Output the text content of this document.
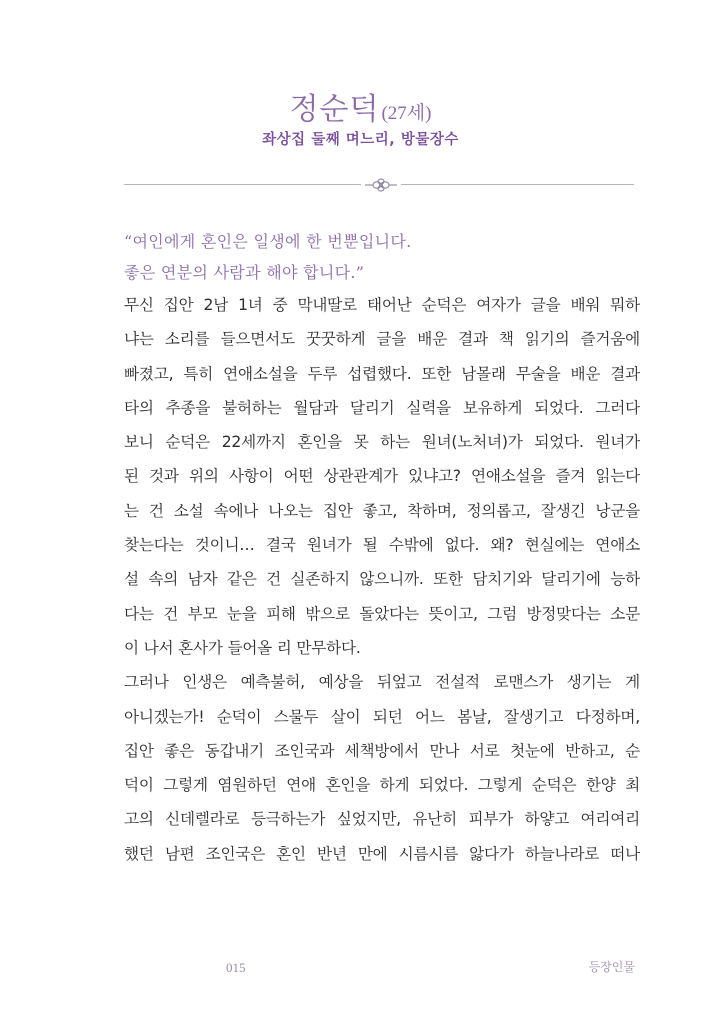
정순덕 (27세)
좌상집 둘째 며느리, 방물장수
“여인에게 혼인은 일생에 한 번뿐입니다.
좋은 연분의 사람과 해야 합니다.”
무신 집안 2남 1녀 중 막내딸로 태어난 순덕은 여자가 글을 배워 뭐하
냐는 소리를 들으면서도 꿋꿋하게 글을 배운 결과 책 읽기의 즐거움에
빠졌고, 특히 연애소설을 두루 섭렵했다. 또한 남몰래 무술을 배운 결과
타의 추종을 불허하는 월담과 달리기 실력을 보유하게 되었다. 그러다
보니 순덕은 22세까지 혼인을 못 하는 원녀(노처녀)가 되었다. 원녀가
된 것과 위의 사항이 어떤 상관관계가 있냐고? 연애소설을 즐겨 읽는다
는 건 소설 속에나 나오는 집안 좋고, 착하며, 정의롭고, 잘생긴 낭군을
찾는다는 것이니… 결국 원녀가 될 수밖에 없다. 왜? 현실에는 연애소
설 속의 남자 같은 건 실존하지 않으니까. 또한 담치기와 달리기에 능하
다는 건 부모 눈을 피해 밖으로 돌았다는 뜻이고, 그럼 방정맞다는 소문
이 나서 혼사가 들어올 리 만무하다.
그러나 인생은 예측불허, 예상을 뒤엎고 전설적 로맨스가 생기는 게
아니겠는가! 순덕이 스물두 살이 되던 어느 봄날, 잘생기고 다정하며,
집안 좋은 동갑내기 조인국과 세책방에서 만나 서로 첫눈에 반하고, 순
덕이 그렇게 염원하던 연애 혼인을 하게 되었다. 그렇게 순덕은 한양 최
고의 신데렐라로 등극하는가 싶었지만, 유난히 피부가 하얗고 여리여리
했던 남편 조인국은 혼인 반년 만에 시름시름 앓다가 하늘나라로 떠나
015	등장인물
